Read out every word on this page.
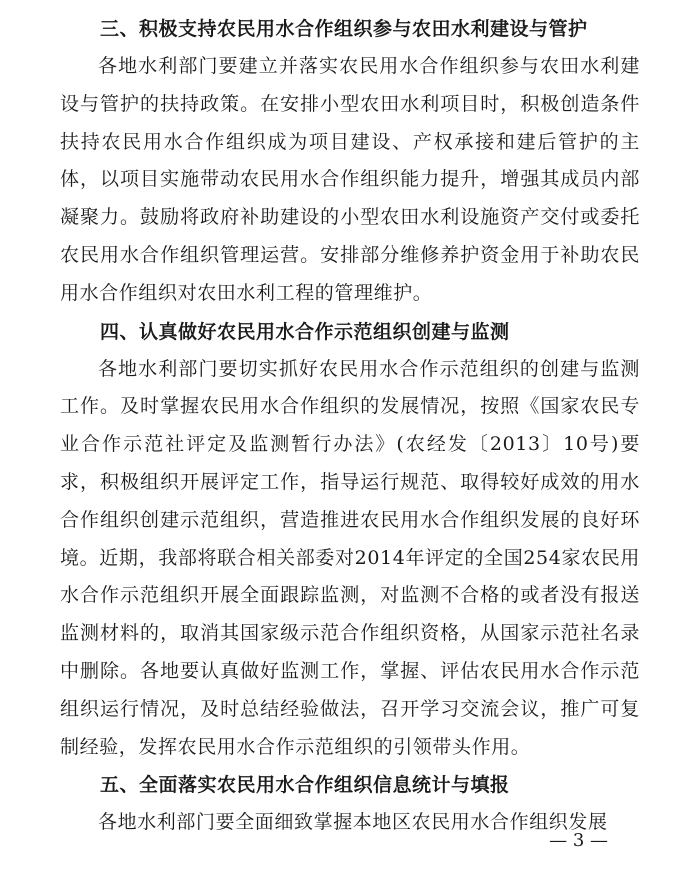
三、积极支持农民用水合作组织参与农田水利建设与管护

各地水利部门要建立并落实农民用水合作组织参与农田水利建设与管护的扶持政策。在安排小型农田水利项目时，积极创造条件扶持农民用水合作组织成为项目建设、产权承接和建后管护的主体，以项目实施带动农民用水合作组织能力提升，增强其成员内部凝聚力。鼓励将政府补助建设的小型农田水利设施资产交付或委托农民用水合作组织管理运营。安排部分维修养护资金用于补助农民用水合作组织对农田水利工程的管理维护。

四、认真做好农民用水合作示范组织创建与监测

各地水利部门要切实抓好农民用水合作示范组织的创建与监测工作。及时掌握农民用水合作组织的发展情况，按照《国家农民专业合作示范社评定及监测暂行办法》(农经发〔2013〕10号)要求，积极组织开展评定工作，指导运行规范、取得较好成效的用水合作组织创建示范组织，营造推进农民用水合作组织发展的良好环境。近期，我部将联合相关部委对2014年评定的全国254家农民用水合作示范组织开展全面跟踪监测，对监测不合格的或者没有报送监测材料的，取消其国家级示范合作组织资格，从国家示范社名录中删除。各地要认真做好监测工作，掌握、评估农民用水合作示范组织运行情况，及时总结经验做法，召开学习交流会议，推广可复制经验，发挥农民用水合作示范组织的引领带头作用。

五、全面落实农民用水合作组织信息统计与填报

各地水利部门要全面细致掌握本地区农民用水合作组织发展

— 3 —
